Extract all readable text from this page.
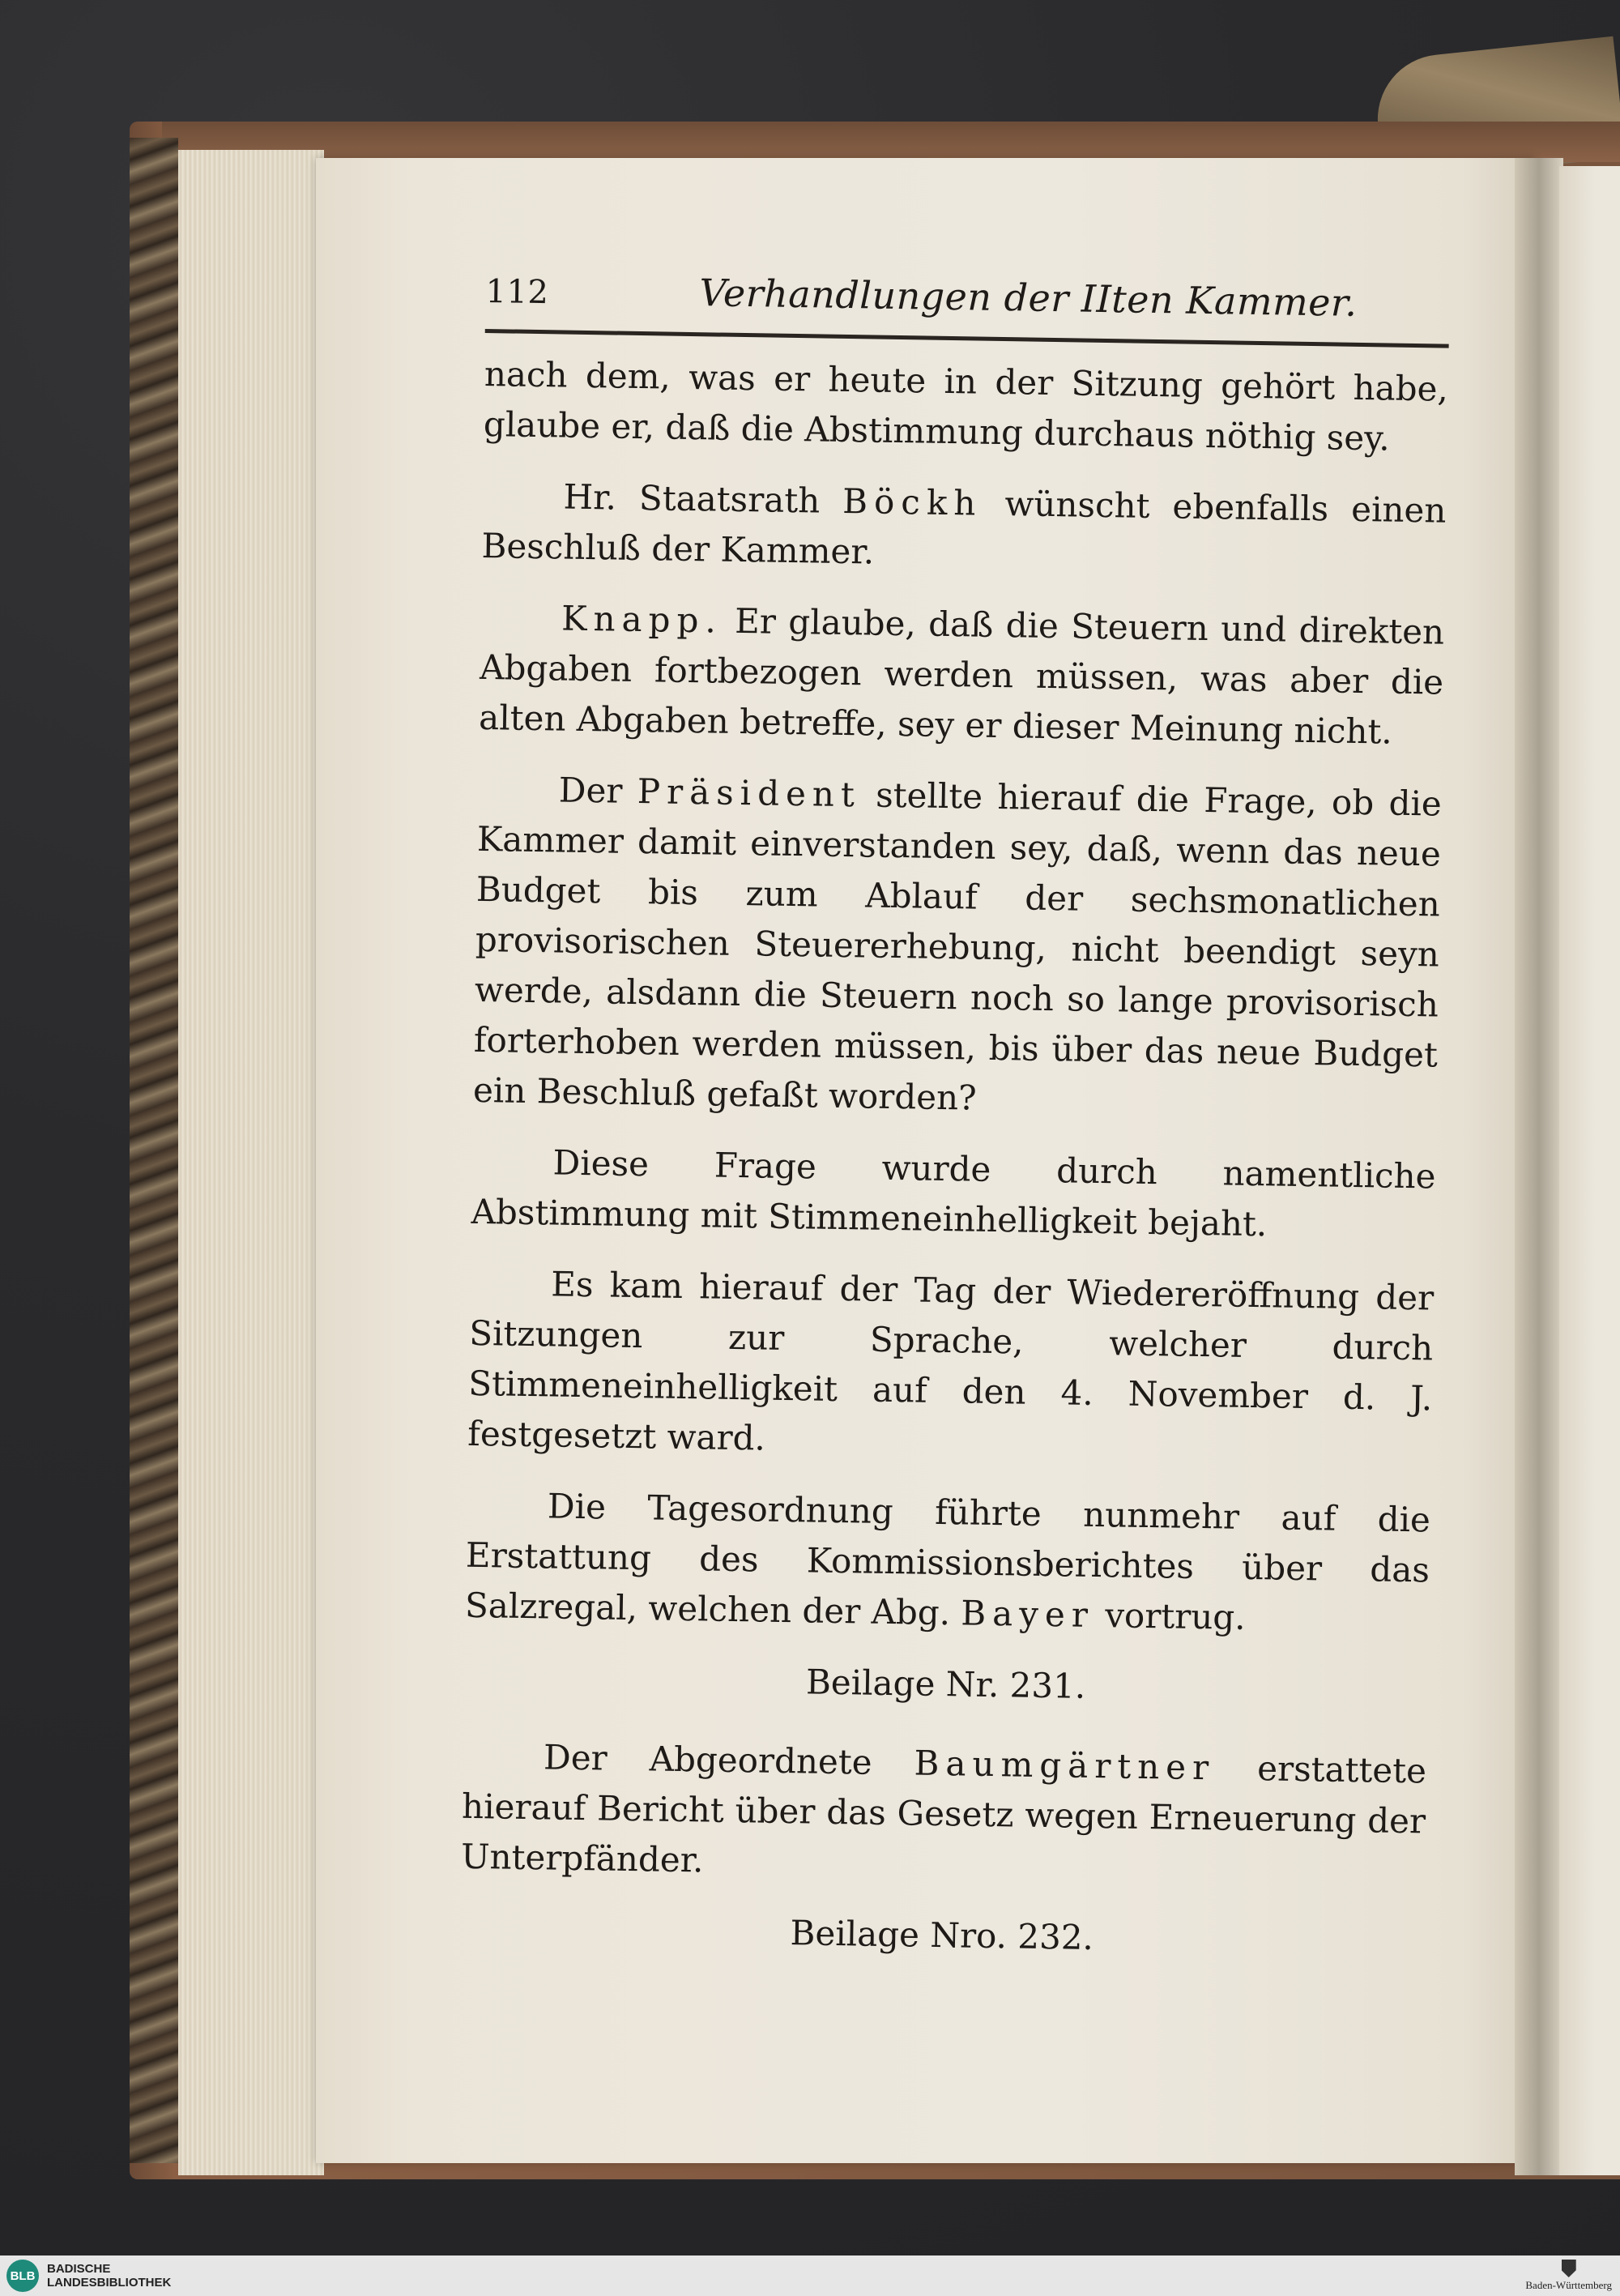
112	Verhandlungen der IIten Kammer.

nach dem, was er heute in der Sitzung gehört habe, glaube er, daß die Abstimmung durchaus nöthig sey.

Hr. Staatsrath Böckh wünscht ebenfalls einen Beschluß der Kammer.

Knapp. Er glaube, daß die Steuern und direkten Abgaben fortbezogen werden müssen, was aber die alten Abgaben betreffe, sey er dieser Meinung nicht.

Der Präsident stellte hierauf die Frage, ob die Kammer damit einverstanden sey, daß, wenn das neue Budget bis zum Ablauf der sechsmonatlichen provisorischen Steuererhebung, nicht beendigt seyn werde, alsdann die Steuern noch so lange provisorisch forterhoben werden müssen, bis über das neue Budget ein Beschluß gefaßt worden?

Diese Frage wurde durch namentliche Abstimmung mit Stimmeneinhelligkeit bejaht.

Es kam hierauf der Tag der Wiedereröffnung der Sitzungen zur Sprache, welcher durch Stimmeneinhelligkeit auf den 4. November d. J. festgesetzt ward.

Die Tagesordnung führte nunmehr auf die Erstattung des Kommissionsberichtes über das Salzregal, welchen der Abg. Bayer vortrug.

Beilage Nr. 231.

Der Abgeordnete Baumgärtner erstattete hierauf Bericht über das Gesetz wegen Erneuerung der Unterpfänder.

Beilage Nro. 232.
BLB BADISCHE
LANDESBIBLIOTHEK	Baden-Württemberg
